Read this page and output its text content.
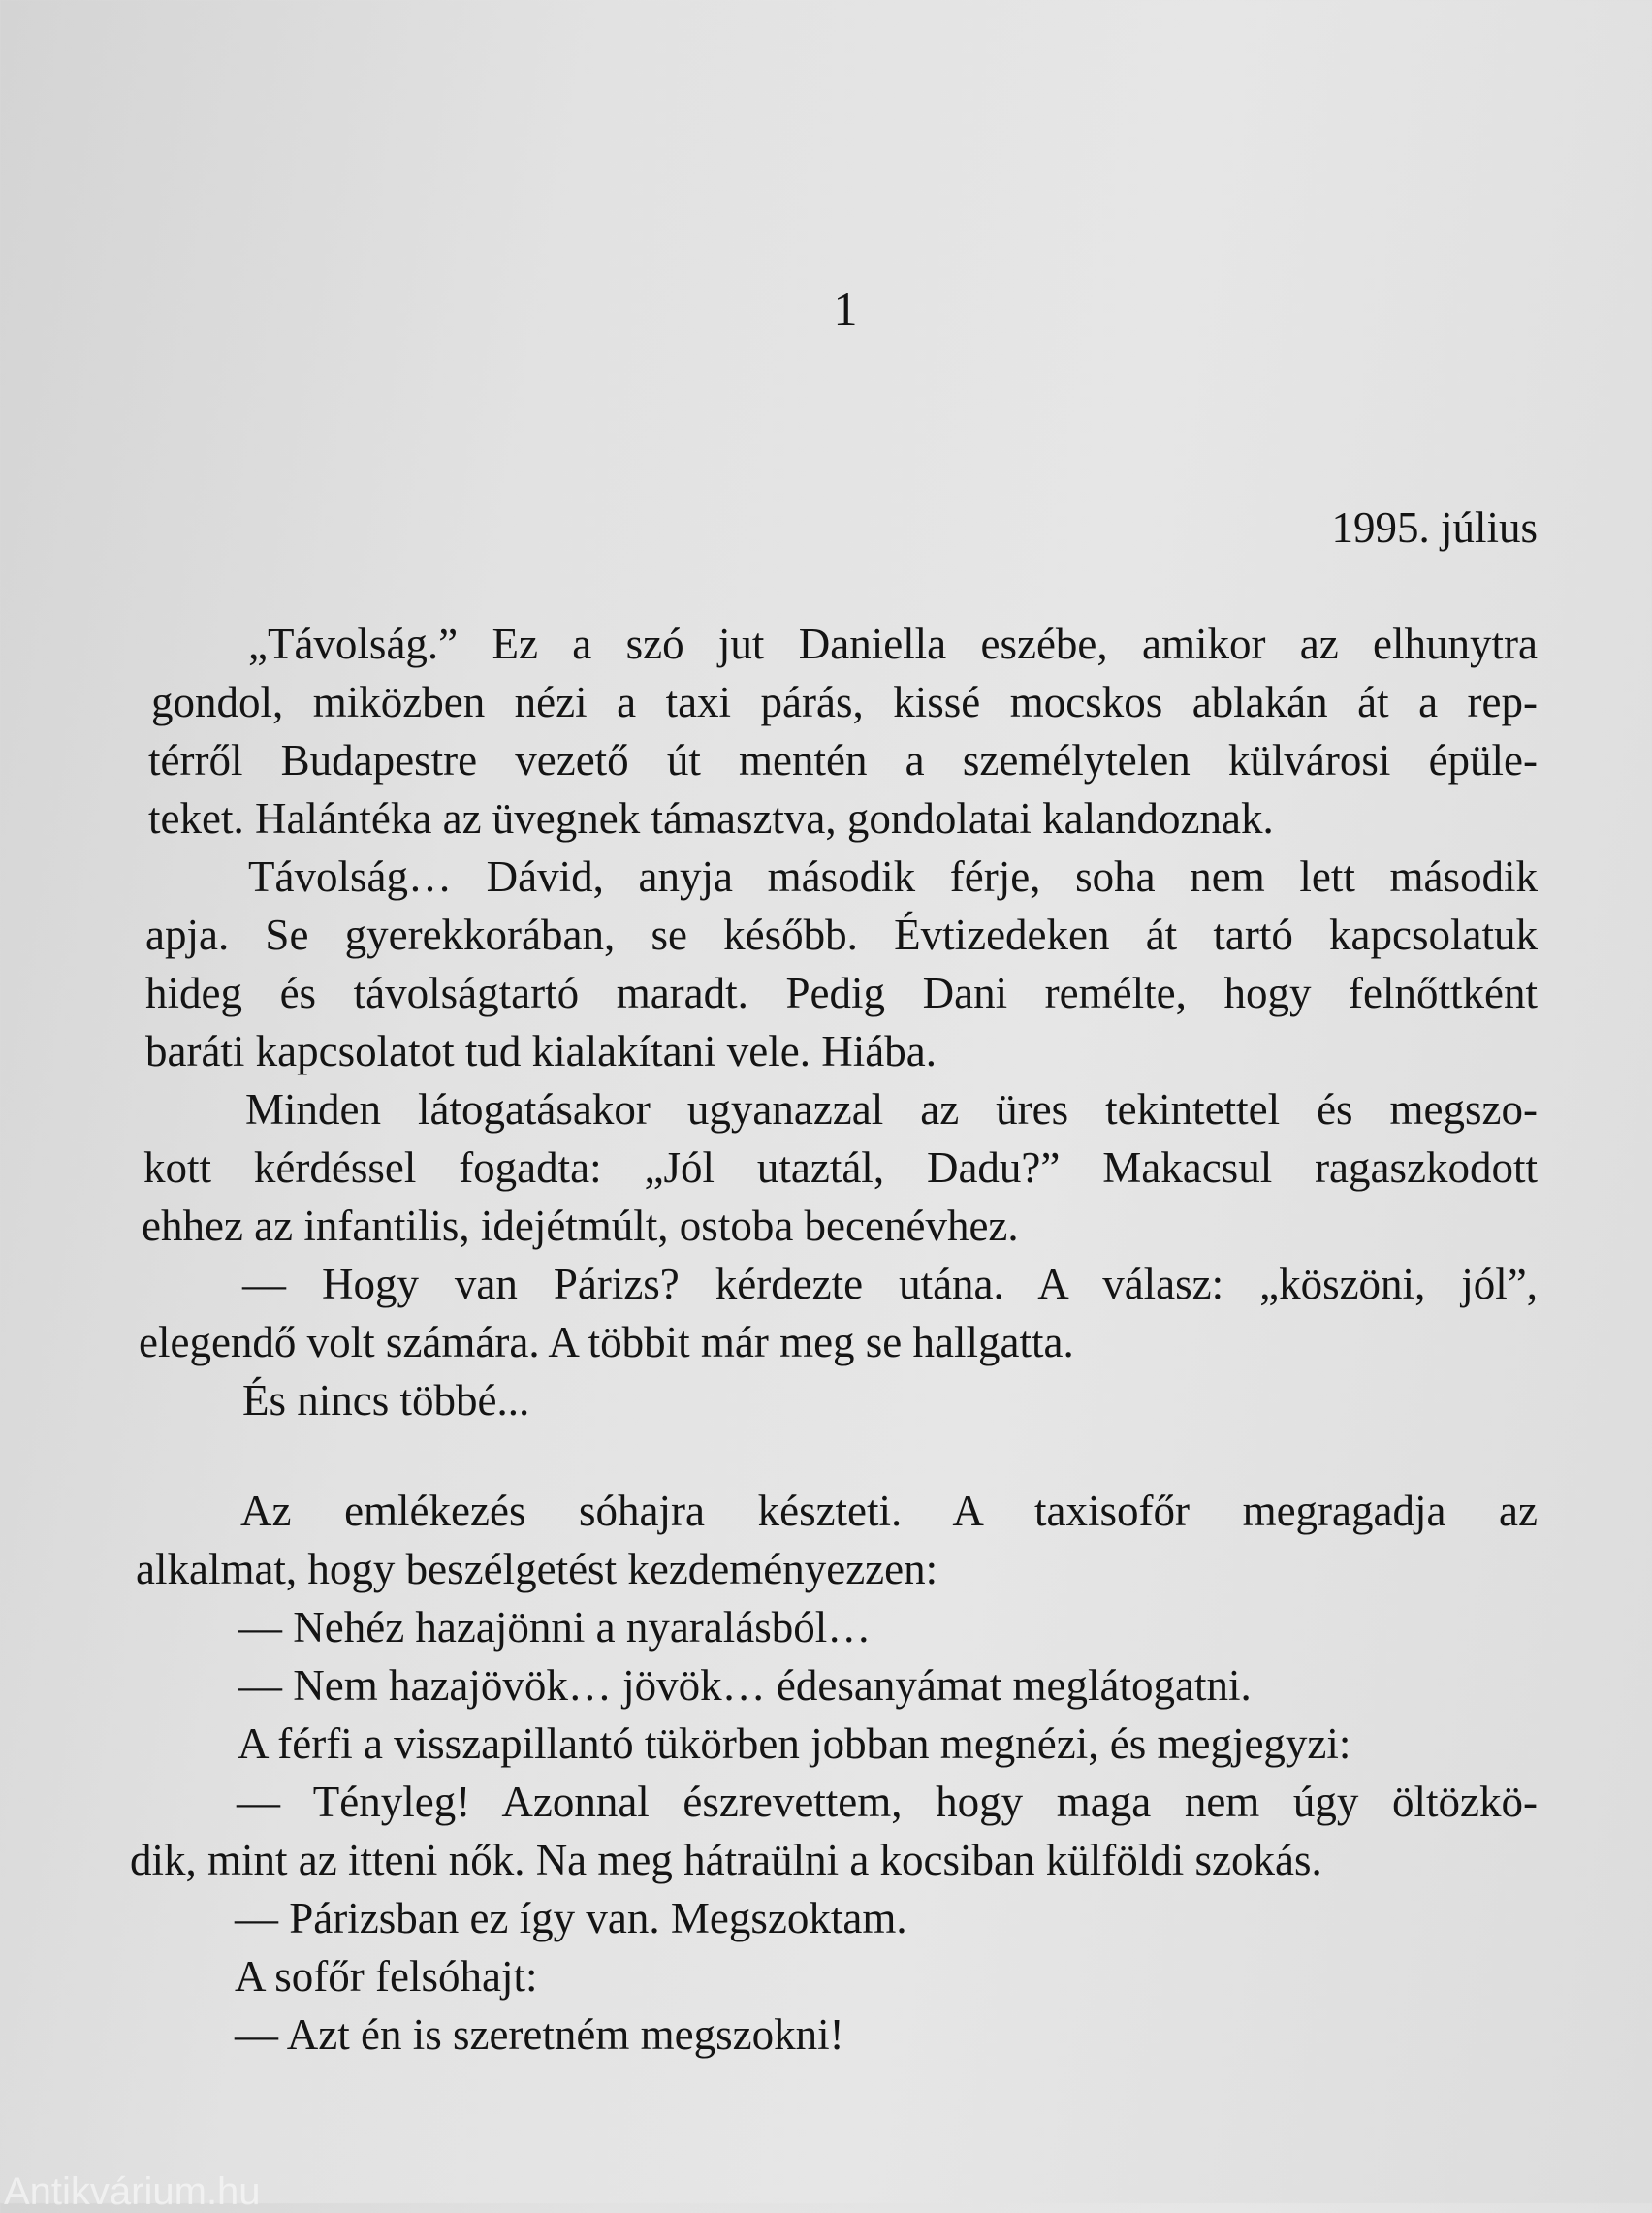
1
1995. július
„Távolság.” Ez a szó jut Daniella eszébe, amikor az elhunytra
gondol, miközben nézi a taxi párás, kissé mocskos ablakán át a rep-
térről Budapestre vezető út mentén a személytelen külvárosi épüle-
teket. Halántéka az üvegnek támasztva, gondolatai kalandoznak.
Távolság… Dávid, anyja második férje, soha nem lett második
apja. Se gyerekkorában, se később. Évtizedeken át tartó kapcsolatuk
hideg és távolságtartó maradt. Pedig Dani remélte, hogy felnőttként
baráti kapcsolatot tud kialakítani vele. Hiába.
Minden látogatásakor ugyanazzal az üres tekintettel és megszo-
kott kérdéssel fogadta: „Jól utaztál, Dadu?” Makacsul ragaszkodott
ehhez az infantilis, idejétmúlt, ostoba becenévhez.
— Hogy van Párizs? kérdezte utána. A válasz: „köszöni, jól”,
elegendő volt számára. A többit már meg se hallgatta.
És nincs többé...
Az emlékezés sóhajra készteti. A taxisofőr megragadja az
alkalmat, hogy beszélgetést kezdeményezzen:
— Nehéz hazajönni a nyaralásból…
— Nem hazajövök… jövök… édesanyámat meglátogatni.
A férfi a visszapillantó tükörben jobban megnézi, és megjegyzi:
— Tényleg! Azonnal észrevettem, hogy maga nem úgy öltözkö-
dik, mint az itteni nők. Na meg hátraülni a kocsiban külföldi szokás.
— Párizsban ez így van. Megszoktam.
A sofőr felsóhajt:
— Azt én is szeretném megszokni!
Antikvárium.hu
